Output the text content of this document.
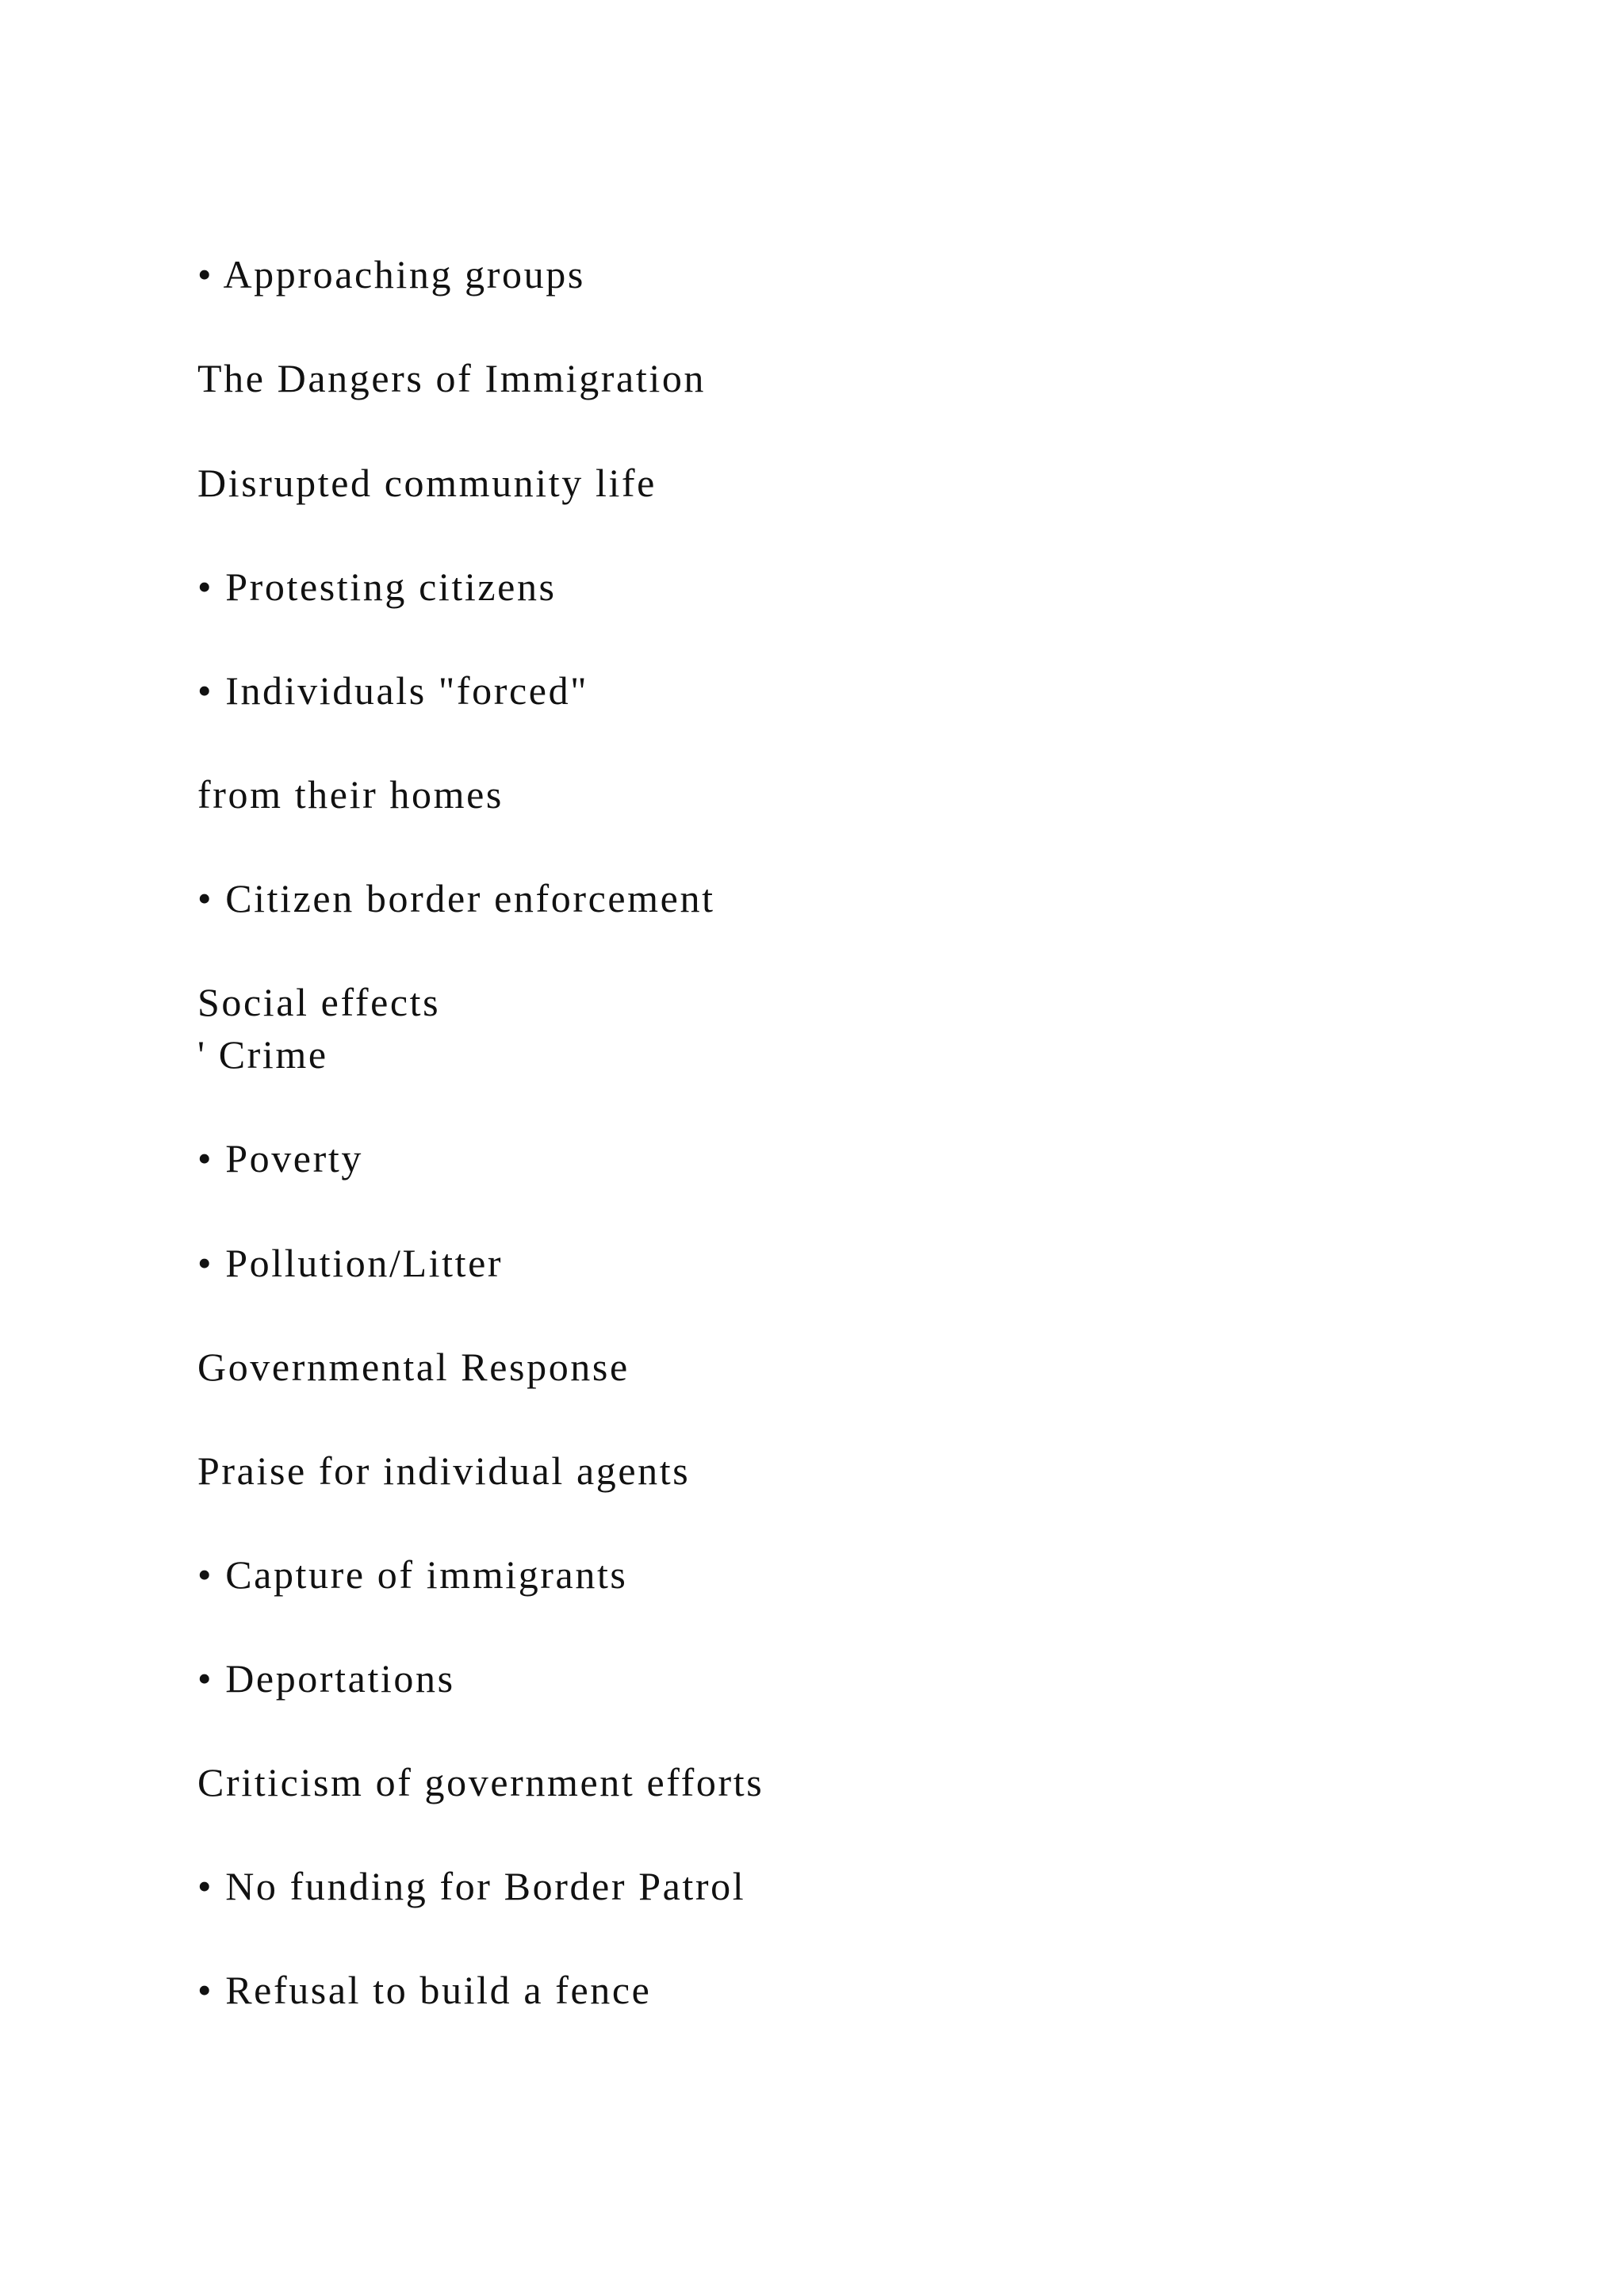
• Approaching groups

The Dangers of Immigration

Disrupted community life

• Protesting citizens

• Individuals "forced"

from their homes

• Citizen border enforcement

Social effects

' Crime

• Poverty

• Pollution/Litter

Governmental Response

Praise for individual agents

• Capture of immigrants

• Deportations

Criticism of government efforts

• No funding for Border Patrol

• Refusal to build a fence
